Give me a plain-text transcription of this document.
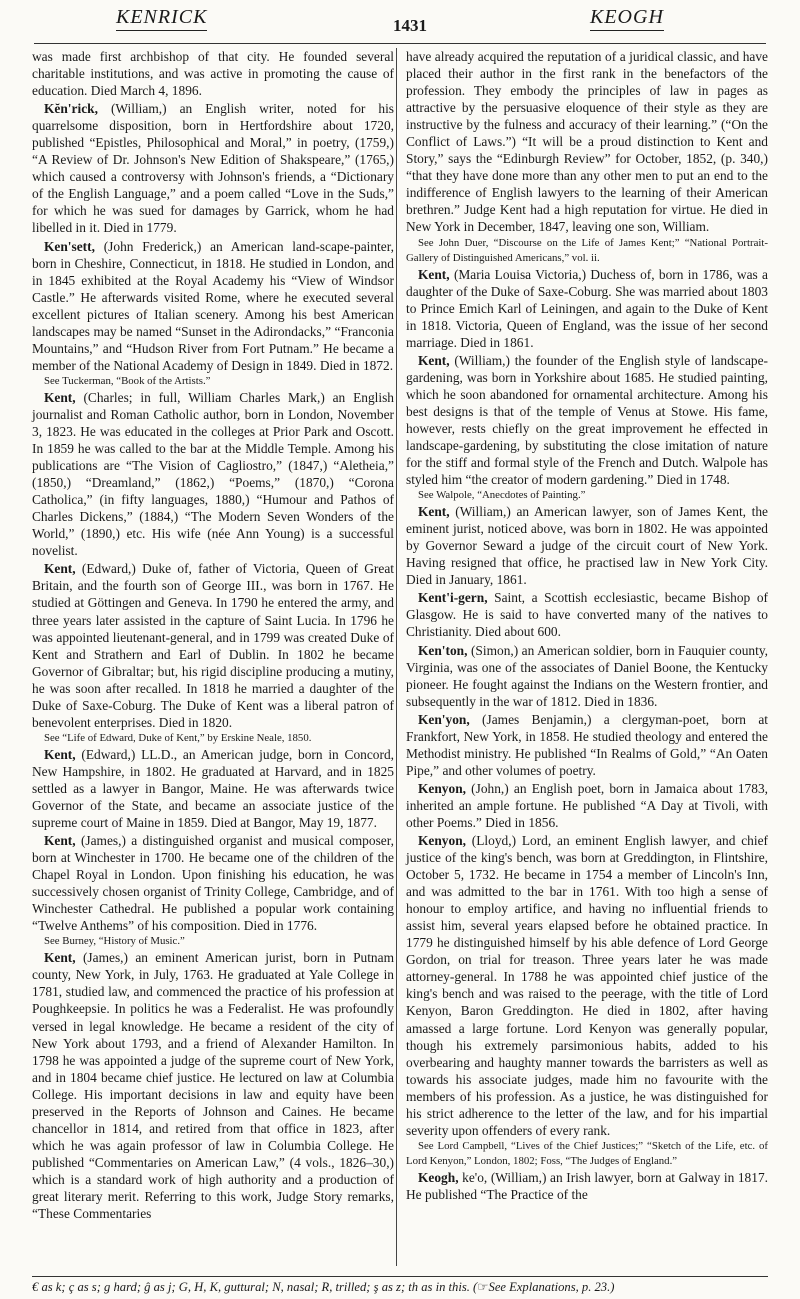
KENRICK	1431	KEOGH

was made first archbishop of that city. He founded several charitable institutions, and was active in promoting the cause of education. Died March 4, 1896.

Kĕn'rick, (William,) an English writer, noted for his quarrelsome disposition, born in Hertfordshire about 1720, published “Epistles, Philosophical and Moral,” in poetry, (1759,) “A Review of Dr. Johnson's New Edition of Shakspeare,” (1765,) which caused a controversy with Johnson's friends, a “Dictionary of the English Language,” and a poem called “Love in the Suds,” for which he was sued for damages by Garrick, whom he had libelled in it. Died in 1779.

Ken'sett, (John Frederick,) an American land-scape-painter, born in Cheshire, Connecticut, in 1818. He studied in London, and in 1845 exhibited at the Royal Academy his “View of Windsor Castle.” He afterwards visited Rome, where he executed several excellent pictures of Italian scenery. Among his best American landscapes may be named “Sunset in the Adirondacks,” “Franconia Mountains,” and “Hudson River from Fort Putnam.” He became a member of the National Academy of Design in 1849. Died in 1872.

See Tuckerman, “Book of the Artists.”

Kent, (Charles; in full, William Charles Mark,) an English journalist and Roman Catholic author, born in London, November 3, 1823. He was educated in the colleges at Prior Park and Oscott. In 1859 he was called to the bar at the Middle Temple. Among his publications are “The Vision of Cagliostro,” (1847,) “Aletheia,” (1850,) “Dreamland,” (1862,) “Poems,” (1870,) “Corona Catholica,” (in fifty languages, 1880,) “Humour and Pathos of Charles Dickens,” (1884,) “The Modern Seven Wonders of the World,” (1890,) etc. His wife (née Ann Young) is a successful novelist.

Kent, (Edward,) Duke of, father of Victoria, Queen of Great Britain, and the fourth son of George III., was born in 1767. He studied at Göttingen and Geneva. In 1790 he entered the army, and three years later assisted in the capture of Saint Lucia. In 1796 he was appointed lieutenant-general, and in 1799 was created Duke of Kent and Strathern and Earl of Dublin. In 1802 he became Governor of Gibraltar; but, his rigid discipline producing a mutiny, he was soon after recalled. In 1818 he married a daughter of the Duke of Saxe-Coburg. The Duke of Kent was a liberal patron of benevolent enterprises. Died in 1820.

See “Life of Edward, Duke of Kent,” by Erskine Neale, 1850.

Kent, (Edward,) LL.D., an American judge, born in Concord, New Hampshire, in 1802. He graduated at Harvard, and in 1825 settled as a lawyer in Bangor, Maine. He was afterwards twice Governor of the State, and became an associate justice of the supreme court of Maine in 1859. Died at Bangor, May 19, 1877.

Kent, (James,) a distinguished organist and musical composer, born at Winchester in 1700. He became one of the children of the Chapel Royal in London. Upon finishing his education, he was successively chosen organist of Trinity College, Cambridge, and of Winchester Cathedral. He published a popular work containing “Twelve Anthems” of his composition. Died in 1776.

See Burney, “History of Music.”

Kent, (James,) an eminent American jurist, born in Putnam county, New York, in July, 1763. He graduated at Yale College in 1781, studied law, and commenced the practice of his profession at Poughkeepsie. In politics he was a Federalist. He was profoundly versed in legal knowledge. He became a resident of the city of New York about 1793, and a friend of Alexander Hamilton. In 1798 he was appointed a judge of the supreme court of New York, and in 1804 became chief justice. He lectured on law at Columbia College. His important decisions in law and equity have been preserved in the Reports of Johnson and Caines. He became chancellor in 1814, and retired from that office in 1823, after which he was again professor of law in Columbia College. He published “Commentaries on American Law,” (4 vols., 1826–30,) which is a standard work of high authority and a production of great literary merit. Referring to this work, Judge Story remarks, “These Commentaries

have already acquired the reputation of a juridical classic, and have placed their author in the first rank in the benefactors of the profession. They embody the principles of law in pages as attractive by the persuasive eloquence of their style as they are instructive by the fulness and accuracy of their learning.” (“On the Conflict of Laws.”) “It will be a proud distinction to Kent and Story,” says the “Edinburgh Review” for October, 1852, (p. 340,) “that they have done more than any other men to put an end to the indifference of English lawyers to the learning of their American brethren.” Judge Kent had a high reputation for virtue. He died in New York in December, 1847, leaving one son, William.

See John Duer, “Discourse on the Life of James Kent;” “National Portrait-Gallery of Distinguished Americans,” vol. ii.

Kent, (Maria Louisa Victoria,) Duchess of, born in 1786, was a daughter of the Duke of Saxe-Coburg. She was married about 1803 to Prince Emich Karl of Leiningen, and again to the Duke of Kent in 1818. Victoria, Queen of England, was the issue of her second marriage. Died in 1861.

Kent, (William,) the founder of the English style of landscape-gardening, was born in Yorkshire about 1685. He studied painting, which he soon abandoned for ornamental architecture. Among his best designs is that of the temple of Venus at Stowe. His fame, however, rests chiefly on the great improvement he effected in landscape-gardening, by substituting the close imitation of nature for the stiff and formal style of the French and Dutch. Walpole has styled him “the creator of modern gardening.” Died in 1748.

See Walpole, “Anecdotes of Painting.”

Kent, (William,) an American lawyer, son of James Kent, the eminent jurist, noticed above, was born in 1802. He was appointed by Governor Seward a judge of the circuit court of New York. Having resigned that office, he practised law in New York City. Died in January, 1861.

Kent'i-gern, Saint, a Scottish ecclesiastic, became Bishop of Glasgow. He is said to have converted many of the natives to Christianity. Died about 600.

Ken'ton, (Simon,) an American soldier, born in Fauquier county, Virginia, was one of the associates of Daniel Boone, the Kentucky pioneer. He fought against the Indians on the Western frontier, and subsequently in the war of 1812. Died in 1836.

Ken'yon, (James Benjamin,) a clergyman-poet, born at Frankfort, New York, in 1858. He studied theology and entered the Methodist ministry. He published “In Realms of Gold,” “An Oaten Pipe,” and other volumes of poetry.

Kenyon, (John,) an English poet, born in Jamaica about 1783, inherited an ample fortune. He published “A Day at Tivoli, with other Poems.” Died in 1856.

Kenyon, (Lloyd,) Lord, an eminent English lawyer, and chief justice of the king's bench, was born at Greddington, in Flintshire, October 5, 1732. He became in 1754 a member of Lincoln's Inn, and was admitted to the bar in 1761. With too high a sense of honour to employ artifice, and having no influential friends to assist him, several years elapsed before he obtained practice. In 1779 he distinguished himself by his able defence of Lord George Gordon, on trial for treason. Three years later he was made attorney-general. In 1788 he was appointed chief justice of the king's bench and was raised to the peerage, with the title of Lord Kenyon, Baron Greddington. He died in 1802, after having amassed a large fortune. Lord Kenyon was generally popular, though his extremely parsimonious habits, added to his overbearing and haughty manner towards the barristers as well as towards his associate judges, made him no favourite with the members of his profession. As a justice, he was distinguished for his strict adherence to the letter of the law, and for his impartial severity upon offenders of every rank.

See Lord Campbell, “Lives of the Chief Justices;” “Sketch of the Life, etc. of Lord Kenyon,” London, 1802; Foss, “The Judges of England.”

Keogh, ke'o, (William,) an Irish lawyer, born at Galway in 1817. He published “The Practice of the

€ as k; ç as s; g hard; ĝ as j; G, H, K, guttural; N, nasal; R, trilled; ş as z; th as in this. (☞See Explanations, p. 23.)
